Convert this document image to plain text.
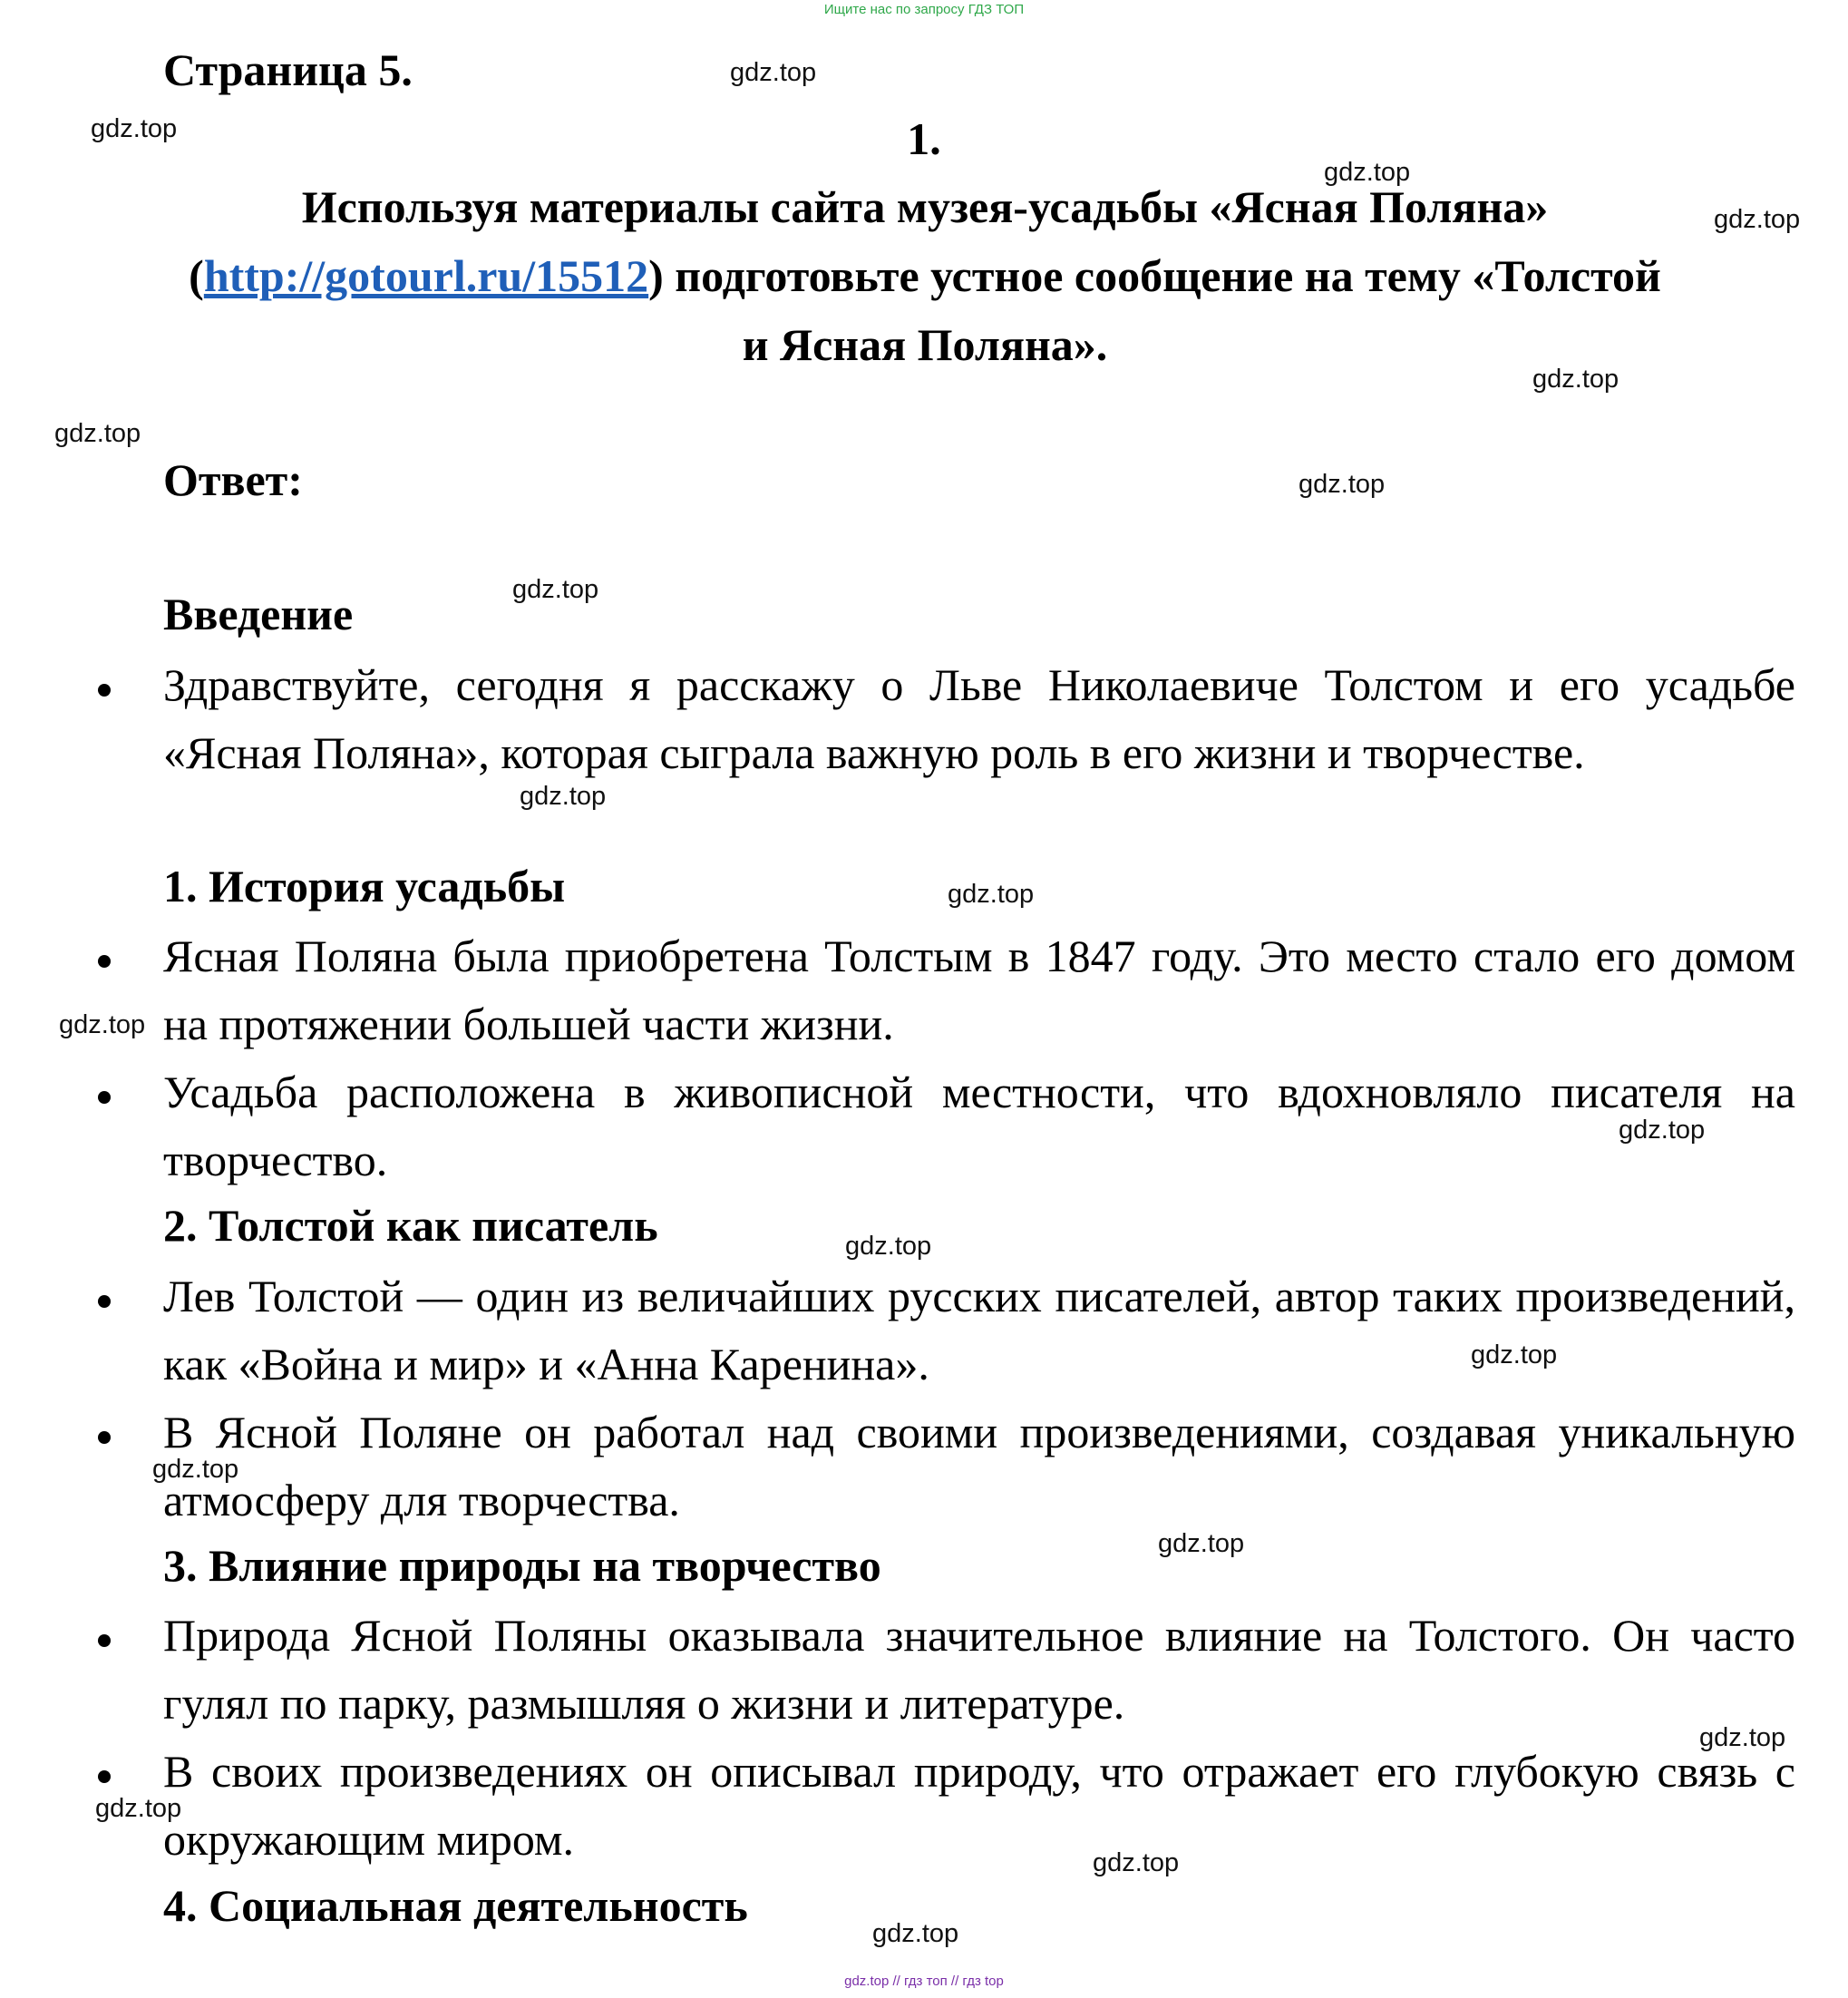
Ищите нас по запросу ГДЗ ТОП
Страница 5.
1.
Используя материалы сайта музея-усадьбы «Ясная Поляна»
(http://gotourl.ru/15512) подготовьте устное сообщение на тему «Толстой
и Ясная Поляна».
Ответ:
Введение
Здравствуйте, сегодня я расскажу о Льве Николаевиче Толстом и его усадьбе «Ясная Поляна», которая сыграла важную роль в его жизни и творчестве.
1. История усадьбы
Ясная Поляна была приобретена Толстым в 1847 году. Это место стало его домом на протяжении большей части жизни.
Усадьба расположена в живописной местности, что вдохновляло писателя на творчество.
2. Толстой как писатель
Лев Толстой — один из величайших русских писателей, автор таких произведений, как «Война и мир» и «Анна Каренина».
В Ясной Поляне он работал над своими произведениями, создавая уникальную атмосферу для творчества.
3. Влияние природы на творчество
Природа Ясной Поляны оказывала значительное влияние на Толстого. Он часто гулял по парку, размышляя о жизни и литературе.
В своих произведениях он описывал природу, что отражает его глубокую связь с окружающим миром.
4. Социальная деятельность
gdz.top
gdz.top
gdz.top
gdz.top
gdz.top
gdz.top
gdz.top
gdz.top
gdz.top
gdz.top
gdz.top
gdz.top
gdz.top
gdz.top
gdz.top
gdz.top
gdz.top
gdz.top
gdz.top
gdz.top
gdz.top // гдз топ // гдз top
